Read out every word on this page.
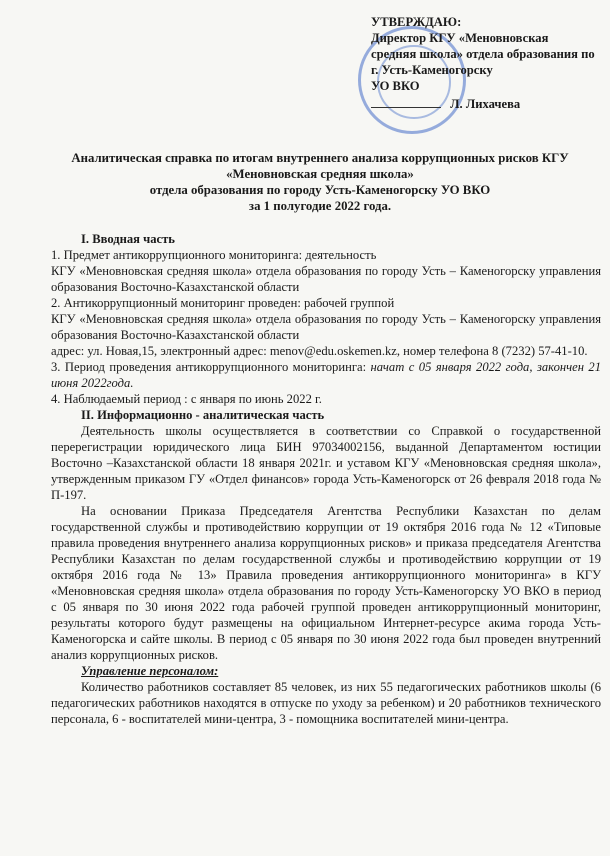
УТВЕРЖДАЮ:
Директор КГУ «Меновновская средняя школа» отдела образования по г. Усть-Каменогорску
УО ВКО
Л. Лихачева
Аналитическая справка по итогам внутреннего анализа коррупционных рисков КГУ «Меновновская средняя школа»
отдела образования по городу Усть-Каменогорску УО ВКО
за 1 полугодие 2022 года.

I. Вводная часть

1. Предмет антикоррупционного мониторинга: деятельность

КГУ «Меновновская средняя школа» отдела образования по городу Усть – Каменогорску управления образования Восточно-Казахстанской области

2. Антикоррупционный мониторинг проведен: рабочей группой

КГУ «Меновновская средняя школа» отдела образования по городу Усть – Каменогорску управления образования Восточно-Казахстанской области

адрес: ул. Новая,15, электронный адрес: menov@edu.oskemen.kz, номер телефона 8 (7232) 57-41-10.

3. Период проведения антикоррупционного мониторинга: начат с 05 января 2022 года, закончен 21 июня 2022года.

4. Наблюдаемый период : с января по июнь 2022 г.

II. Информационно - аналитическая часть

Деятельность школы осуществляется в соответствии со Справкой о государственной перерегистрации юридического лица БИН 97034002156, выданной Департаментом юстиции Восточно –Казахстанской области 18 января 2021г. и уставом КГУ «Меновновская средняя школа», утвержденным приказом ГУ «Отдел финансов» города Усть-Каменогорск от 26 февраля 2018 года № П-197.

На основании Приказа Председателя Агентства Республики Казахстан по делам государственной службы и противодействию коррупции от 19 октября 2016 года № 12 «Типовые правила проведения внутреннего анализа коррупционных рисков» и приказа председателя Агентства Республики Казахстан по делам государственной службы и противодействию коррупции от 19 октября 2016 года № 13» Правила проведения антикоррупционного мониторинга» в КГУ «Меновновская средняя школа» отдела образования по городу Усть-Каменогорску УО ВКО в период с 05 января по 30 июня 2022 года рабочей группой проведен антикоррупционный мониторинг, результаты которого будут размещены на официальном Интернет-ресурсе акима города Усть-Каменогорска и сайте школы. В период с 05 января по 30 июня 2022 года был проведен внутренний анализ коррупционных рисков.

Управление персоналом:

Количество работников составляет 85 человек, из них 55 педагогических работников школы (6 педагогических работников находятся в отпуске по уходу за ребенком) и 20 работников технического персонала, 6 - воспитателей мини-центра, 3 - помощника воспитателей мини-центра.
